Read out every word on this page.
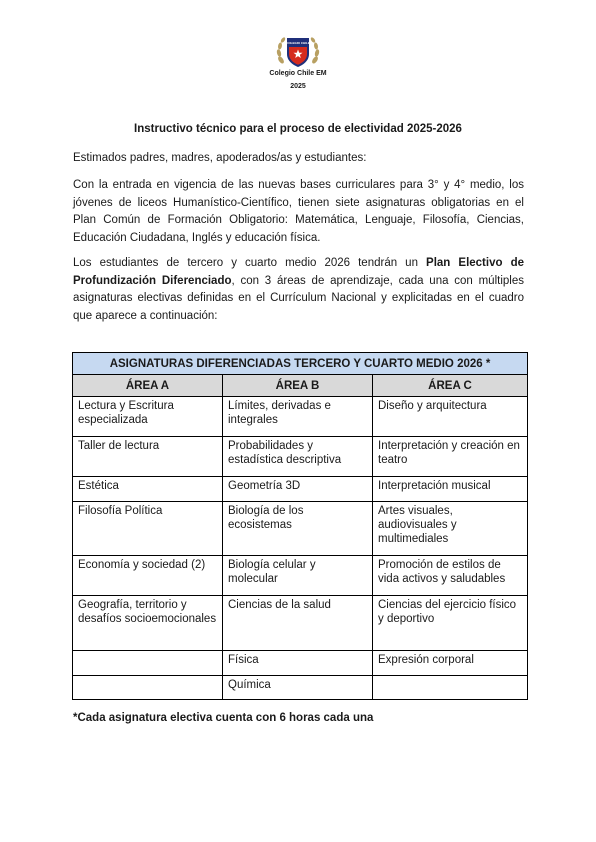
COLEGIO CHILE
Colegio Chile EM
2025
Instructivo técnico para el proceso de electividad 2025-2026

Estimados padres, madres, apoderados/as y estudiantes:

Con la entrada en vigencia de las nuevas bases curriculares para 3° y 4° medio, los jóvenes de liceos Humanístico-Científico, tienen siete asignaturas obligatorias en el Plan Común de Formación Obligatorio: Matemática, Lenguaje, Filosofía, Ciencias, Educación Ciudadana, Inglés y educación física.

Los estudiantes de tercero y cuarto medio 2026 tendrán un Plan Electivo de Profundización Diferenciado, con 3 áreas de aprendizaje, cada una con múltiples asignaturas electivas definidas en el Currículum Nacional y explicitadas en el cuadro que aparece a continuación:

ASIGNATURAS DIFERENCIADAS TERCERO Y CUARTO MEDIO 2026 *		
ÁREA A	ÁREA B	ÁREA C
Lectura y Escritura especializada	Límites, derivadas e integrales	Diseño y arquitectura
Taller de lectura	Probabilidades y estadística descriptiva	Interpretación y creación en teatro
Estética	Geometría 3D	Interpretación musical
Filosofía Política	Biología de los ecosistemas	Artes visuales, audiovisuales y multimediales
Economía y sociedad (2)	Biología celular y molecular	Promoción de estilos de vida activos y saludables
Geografía, territorio y desafíos socioemocionales	Ciencias de la salud	Ciencias del ejercicio físico y deportivo
	Física	Expresión corporal
	Química	
*Cada asignatura electiva cuenta con 6 horas cada una
